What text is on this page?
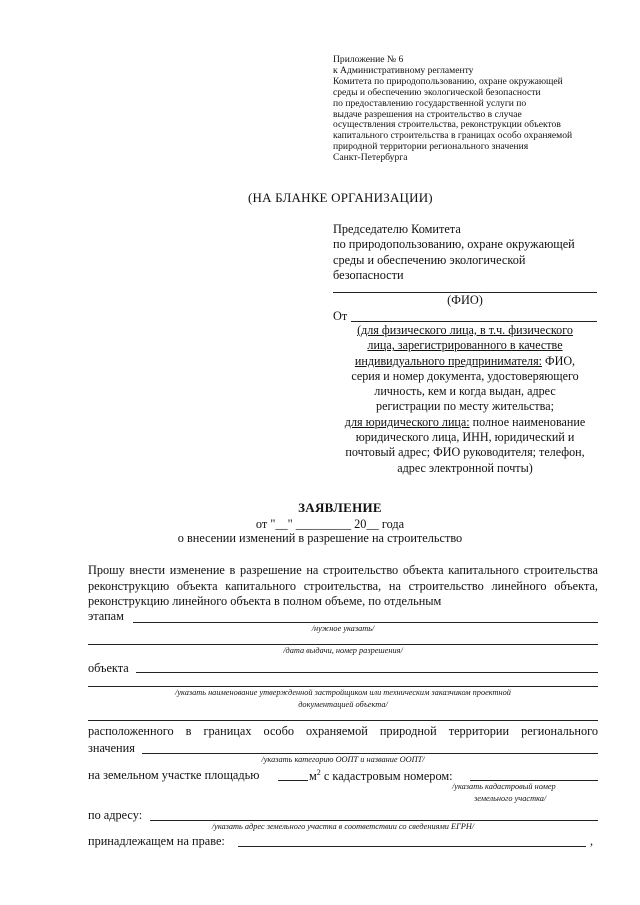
Приложение № 6
к Административному регламенту
Комитета по природопользованию, охране окружающей
среды и обеспечению экологической безопасности
по предоставлению государственной услуги по
выдаче разрешения на строительство в случае
осуществления строительства, реконструкции объектов
капитального строительства в границах особо охраняемой
природной территории регионального значения
Санкт-Петербурга
(НА БЛАНКЕ ОРГАНИЗАЦИИ)
Председателю Комитета
по природопользованию, охране окружающей
среды и обеспечению экологической
безопасности
(ФИО)
От
(для физического лица, в т.ч. физического
лица, зарегистрированного в качестве
индивидуального предпринимателя: ФИО,
серия и номер документа, удостоверяющего
личность, кем и когда выдан, адрес
регистрации по месту жительства;
для юридического лица: полное наименование
юридического лица, ИНН, юридический и
почтовый адрес; ФИО руководителя; телефон,
адрес электронной почты)
ЗАЯВЛЕНИЕ
от "__" _________ 20__ года
о внесении изменений в разрешение на строительство
Прошу внести изменение в разрешение на строительство объекта капитального строительства реконструкцию объекта капитального строительства, на строительство линейного объекта, реконструкцию линейного объекта в полном объеме, по отдельным
этапам
/нужное указать/
/дата выдачи, номер разрешения/
объекта
/указать наименование утвержденной застройщиком или техническим заказчиком проектной
документацией объекта/
расположенного в границах особо охраняемой природной территории регионального
значения
/указать категорию ООПТ и название ООПТ/
на земельном участке площадью	$м^2$ с кадастровым номером:
/указать кадастровый номер
земельного участка/
по адресу:
/указать адрес земельного участка в соответствии со сведениями ЕГРН/
принадлежащем на праве:	,
